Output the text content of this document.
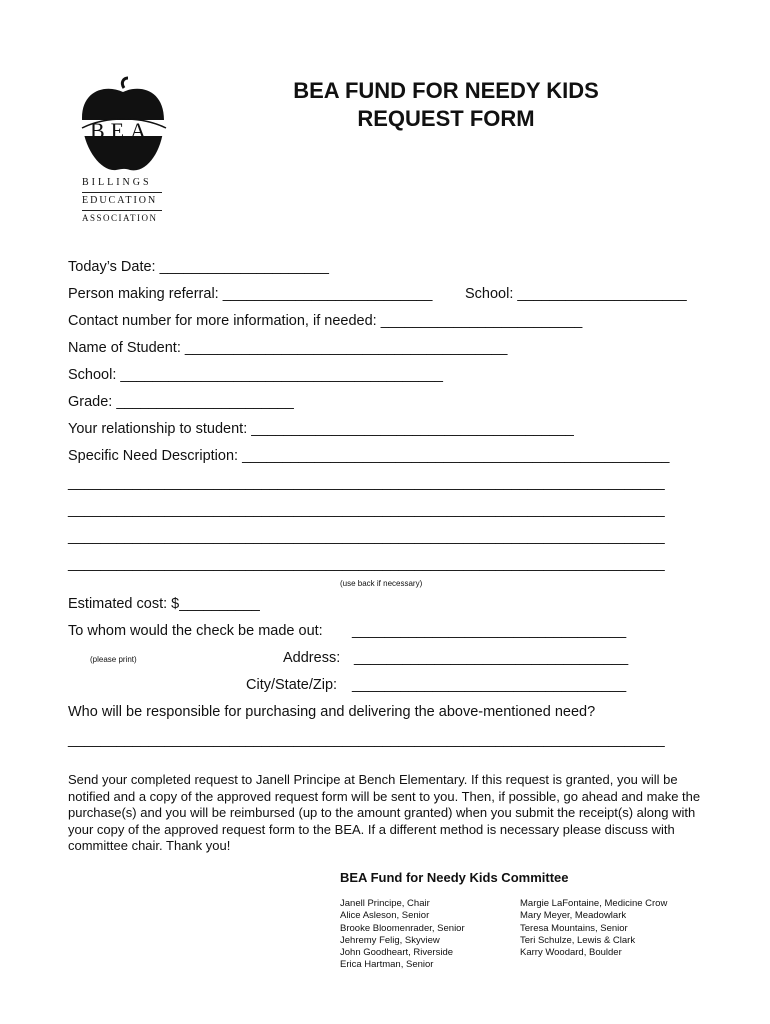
BEA
BILLINGS
EDUCATION
ASSOCIATION
BEA FUND FOR NEEDY KIDS
REQUEST FORM
Today’s Date: _____________________
Person making referral: __________________________ School: _____________________
Contact number for more information, if needed: _________________________
Name of Student: ________________________________________
School: ________________________________________
Grade: ______________________
Your relationship to student: ________________________________________
Specific Need Description: _____________________________________________________
__________________________________________________________________________
__________________________________________________________________________
__________________________________________________________________________
__________________________________________________________________________
(use back if necessary)
Estimated cost: $__________
To whom would the check be made out: __________________________________
(please print)	Address: __________________________________
City/State/Zip: __________________________________
Who will be responsible for purchasing and delivering the above-mentioned need?
__________________________________________________________________________
Send your completed request to Janell Principe at Bench Elementary. If this request is granted, you will be notified and a copy of the approved request form will be sent to you. Then, if possible, go ahead and make the purchase(s) and you will be reimbursed (up to the amount granted) when you submit the receipt(s) along with your copy of the approved request form to the BEA. If a different method is necessary please discuss with committee chair. Thank you!
BEA Fund for Needy Kids Committee
Janell Principe, Chair
Alice Asleson, Senior
Brooke Bloomenrader, Senior
Jehremy Felig, Skyview
John Goodheart, Riverside
Erica Hartman, Senior
Margie LaFontaine, Medicine Crow
Mary Meyer, Meadowlark
Teresa Mountains, Senior
Teri Schulze, Lewis & Clark
Karry Woodard, Boulder
